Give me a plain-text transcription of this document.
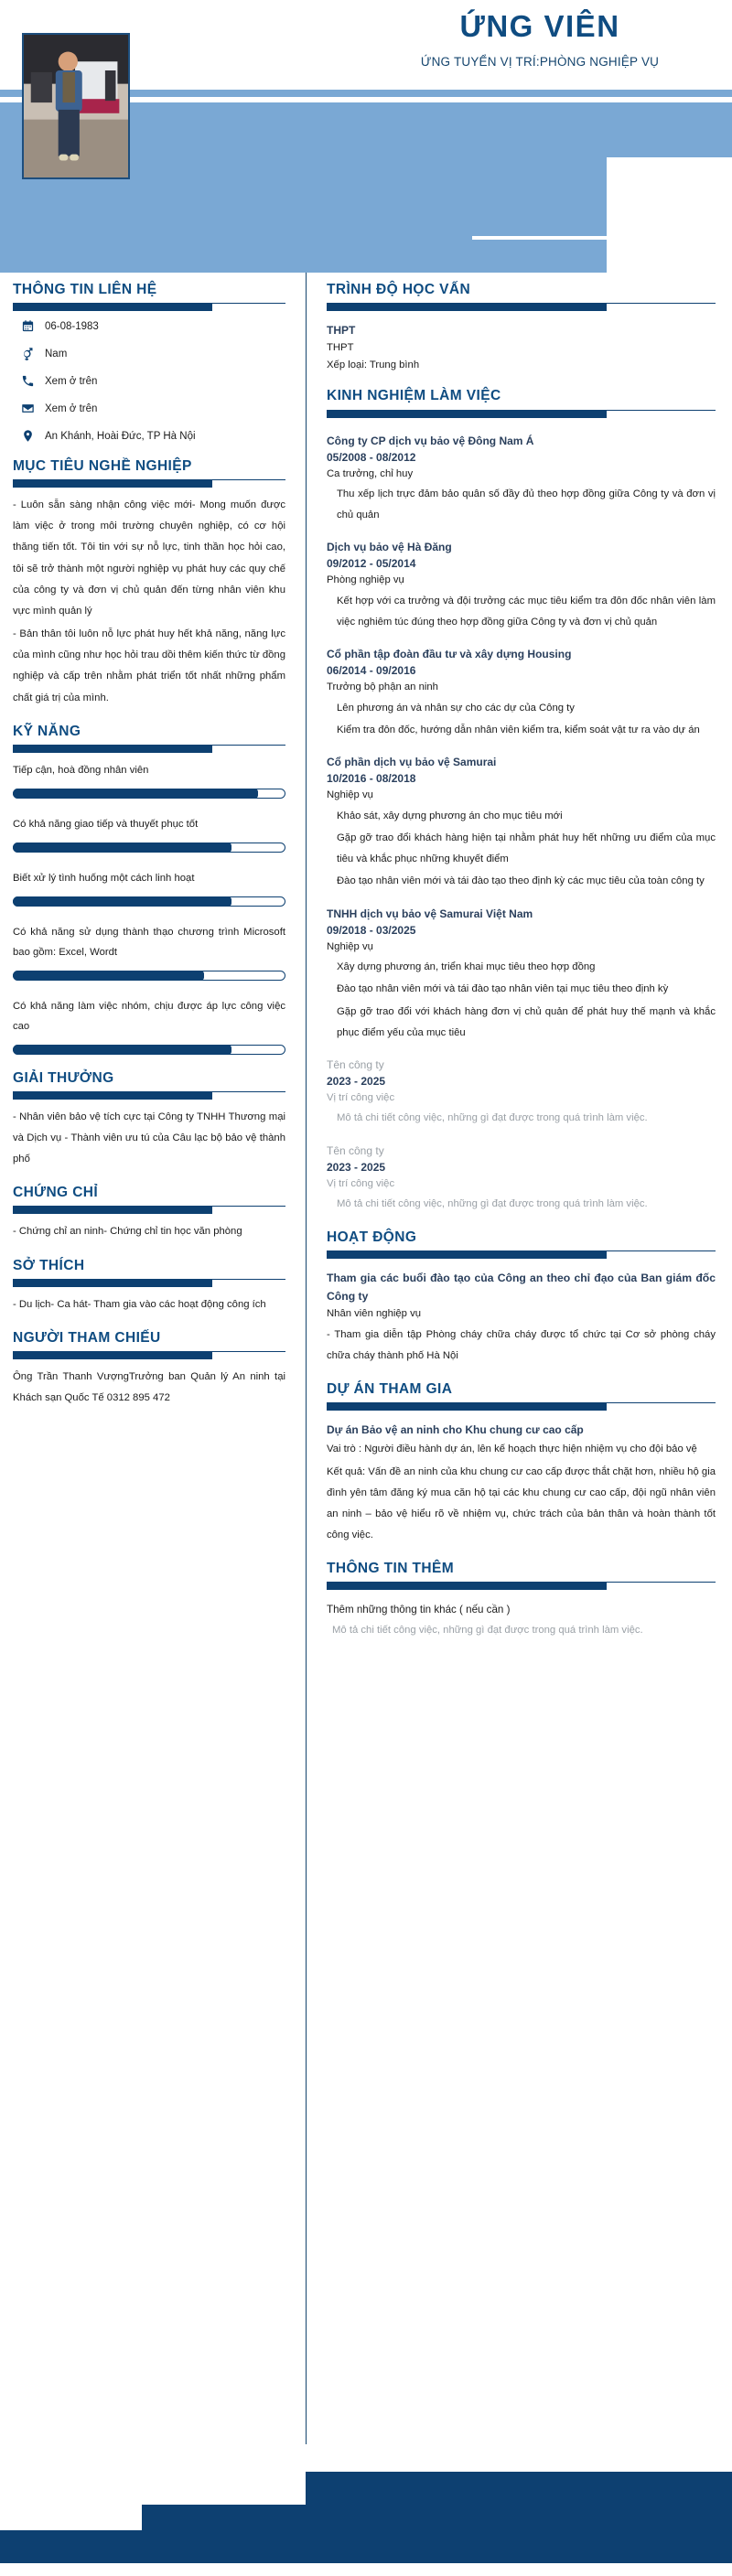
ỨNG VIÊN
ỨNG TUYỂN VỊ TRÍ:PHÒNG NGHIỆP VỤ
THÔNG TIN LIÊN HỆ
06-08-1983
Nam
Xem ở trên
Xem ở trên
An Khánh, Hoài Đức, TP Hà Nội
MỤC TIÊU NGHỀ NGHIỆP
- Luôn sẵn sàng nhận công việc mới- Mong muốn được làm việc ở trong môi trường chuyên nghiệp, có cơ hội thăng tiến tốt. Tôi tin với sự nỗ lực, tinh thần học hỏi cao, tôi sẽ trở thành một người nghiệp vụ phát huy các quy chế của công ty và đơn vị chủ quản đến từng nhân viên khu vực mình quản lý
- Bản thân tôi luôn nỗ lực phát huy hết khả năng, năng lực của mình cũng như học hỏi trau dồi thêm kiến thức từ đồng nghiệp và cấp trên nhằm phát triển tốt nhất những phẩm chất giá trị của mình.
KỸ NĂNG
Tiếp cận, hoà đồng nhân viên
Có khả năng giao tiếp và thuyết phục tốt
Biết xử lý tình huống một cách linh hoạt
Có khả năng sử dụng thành thạo chương trình Microsoft bao gồm: Excel, Wordt
Có khả năng làm việc nhóm, chịu được áp lực công việc cao
GIẢI THƯỞNG
- Nhân viên bảo vệ tích cực tại Công ty TNHH Thương mại và Dịch vụ - Thành viên ưu tú của Câu lạc bộ bảo vệ thành phố
CHỨNG CHỈ
- Chứng chỉ an ninh- Chứng chỉ tin học văn phòng
SỞ THÍCH
- Du lịch- Ca hát- Tham gia vào các hoạt động công ích
NGƯỜI THAM CHIẾU
Ông Trần Thanh VượngTrưởng ban Quản lý An ninh tại Khách sạn Quốc Tế 0312 895 472
TRÌNH ĐỘ HỌC VẤN
THPT
THPT
Xếp loại: Trung bình
KINH NGHIỆM LÀM VIỆC
Công ty CP dịch vụ bảo vệ Đông Nam Á
05/2008 - 08/2012
Ca trưởng, chỉ huy
Thu xếp lịch trực đảm bảo quân số đầy đủ theo hợp đồng giữa Công ty và đơn vị chủ quản
Dịch vụ bảo vệ Hà Đăng
09/2012 - 05/2014
Phòng nghiệp vụ
Kết hợp với ca trưởng và đội trưởng các mục tiêu kiểm tra đôn đốc nhân viên làm việc nghiêm túc đúng theo hợp đồng giữa Công ty và đơn vị chủ quản
Cổ phần tập đoàn đầu tư và xây dựng Housing
06/2014 - 09/2016
Trưởng bộ phận an ninh
Lên phương án và nhân sự cho các dự của Công ty
Kiểm tra đôn đốc, hướng dẫn nhân viên kiểm tra, kiểm soát vật tư ra vào dự án
Cổ phần dịch vụ bảo vệ Samurai
10/2016 - 08/2018
Nghiệp vụ
Khảo sát, xây dựng phương án cho mục tiêu mới
Gặp gỡ trao đổi khách hàng hiện tại nhằm phát huy hết những ưu điểm của mục tiêu và khắc phục những khuyết điểm
Đào tạo nhân viên mới và tái đào tạo theo định kỳ các mục tiêu của toàn công ty
TNHH dịch vụ bảo vệ Samurai Việt Nam
09/2018 - 03/2025
Nghiệp vụ
Xây dựng phương án, triển khai mục tiêu theo hợp đồng
Đào tạo nhân viên mới và tái đào tạo nhân viên tại mục tiêu theo định kỳ
Gặp gỡ trao đổi với khách hàng đơn vị chủ quản để phát huy thế mạnh và khắc phục điểm yếu của mục tiêu
Tên công ty
2023 - 2025
Vị trí công việc
Mô tả chi tiết công việc, những gì đạt được trong quá trình làm việc.
Tên công ty
2023 - 2025
Vị trí công việc
Mô tả chi tiết công việc, những gì đạt được trong quá trình làm việc.
HOẠT ĐỘNG
Tham gia các buổi đào tạo của Công an theo chỉ đạo của Ban giám đốc Công ty
Nhân viên nghiệp vụ
- Tham gia diễn tập Phòng cháy chữa cháy được tổ chức tại Cơ sở phòng cháy chữa cháy thành phố Hà Nội
DỰ ÁN THAM GIA
Dự án Bảo vệ an ninh cho Khu chung cư cao cấp
Vai trò : Người điều hành dự án, lên kế hoạch thực hiện nhiệm vụ cho đội bảo vệ
Kết quả: Vấn đề an ninh của khu chung cư cao cấp được thắt chặt hơn, nhiều hộ gia đình yên tâm đăng ký mua căn hộ tại các khu chung cư cao cấp, đội ngũ nhân viên an ninh – bảo vệ hiểu rõ về nhiệm vụ, chức trách của bản thân và hoàn thành tốt công việc.
THÔNG TIN THÊM
Thêm những thông tin khác ( nếu cần )
Mô tả chi tiết công việc, những gì đạt được trong quá trình làm việc.
